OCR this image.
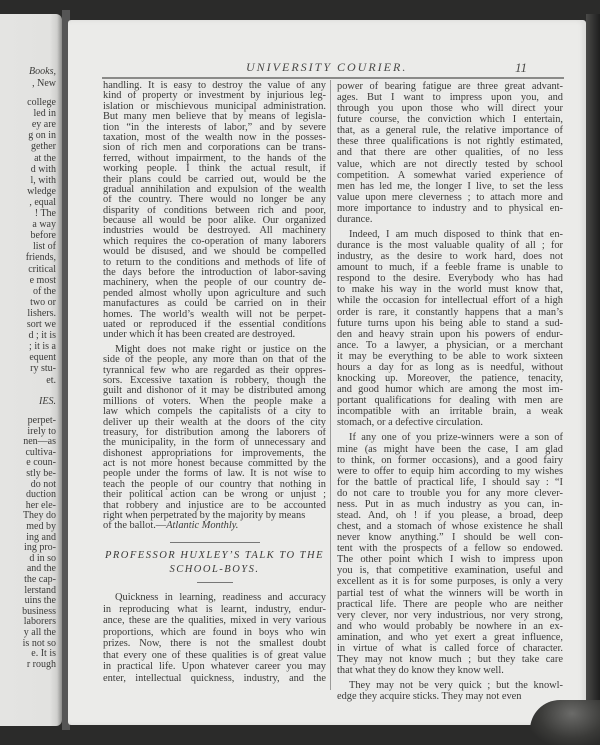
Books,
, New
college
led in
ey are
g on in
gether
at the
d with
l, with
wledge
, equal
! The
a way
before
list of
friends,
critical
e most
of the
two or
lishers.
sort we
d ; it is
; it is a
equent
ry stu-
et.
IES.
perpet-
irely to
nen—as
cultiva-
e coun-
stly be-
do not
duction
her ele-
They do
med by
ing and
ing pro-
d in so
and the
the cap-
lerstand
uins the
business
laborers
y all the
is not so
e. It is
r rough
UNIVERSITY COURIER.	11
handling. It is easy to destroy the value of any
kind of property or investment by injurious leg-
islation or mischievous municipal administration.
But many men believe that by means of legisla-
tion “in the interests of labor,” and by severe
taxation, most of the wealth now in the posses-
sion of rich men and corporations can be trans-
ferred, without impairment, to the hands of the
working people. I think the actual result, if
their plans could be carried out, would be the
gradual annihilation and expulsion of the wealth
of the country. There would no longer be any
disparity of conditions between rich and poor,
because all would be poor alike. Our organized
industries would be destroyed. All machinery
which requires the co-operation of many laborers
would be disused, and we should be compelled
to return to the conditions and methods of life of
the days before the introduction of labor-saving
machinery, when the people of our country de-
pended almost wholly upon agriculture and such
manufactures as could be carried on in their
homes. The world’s wealth will not be perpet-
uated or reproduced if the essential conditions
under which it has been created are destroyed.
Might does not make right or justice on the
side of the people, any more than on that of the
tyrannical few who are regarded as their oppres-
sors. Excessive taxation is robbery, though the
guilt and dishonor of it may be distributed among
millions of voters. When the people make a
law which compels the capitalists of a city to
deliver up their wealth at the doors of the city
treasury, for distribution among the laborers of
the municipality, in the form of unnecessary and
dishonest appropriations for improvements, the
act is not more honest because committed by the
people under the forms of law. It is not wise to
teach the people of our country that nothing in
their political action can be wrong or unjust ;
that robbery and injustice are to be accounted
right when perpetrated by the majority by means
of the ballot.—Atlantic Monthly.
PROFESSOR HUXLEY’S TALK TO THE
SCHOOL-BOYS.
Quickness in learning, readiness and accuracy
in reproducing what is learnt, industry, endur-
ance, these are the qualities, mixed in very various
proportions, which are found in boys who win
prizes. Now, there is not the smallest doubt
that every one of these qualities is of great value
in practical life. Upon whatever career you may
enter, intellectual quickness, industry, and the
power of bearing fatigue are three great advant-
ages. But I want to impress upon you, and
through you upon those who will direct your
future course, the conviction which I entertain,
that, as a general rule, the relative importance of
these three qualifications is not rightly estimated,
and that there are other qualities, of no less
value, which are not directly tested by school
competition. A somewhat varied experience of
men has led me, the longer I live, to set the less
value upon mere cleverness ; to attach more and
more importance to industry and to physical en-
durance.
Indeed, I am much disposed to think that en-
durance is the most valuable quality of all ; for
industry, as the desire to work hard, does not
amount to much, if a feeble frame is unable to
respond to the desire. Everybody who has had
to make his way in the world must know that,
while the occasion for intellectual effort of a high
order is rare, it constantly happens that a man’s
future turns upon his being able to stand a sud-
den and heavy strain upon his powers of endur-
ance. To a lawyer, a physician, or a merchant
it may be everything to be able to work sixteen
hours a day for as long as is needful, without
knocking up. Moreover, the patience, tenacity,
and good humor which are among the most im-
portant qualifications for dealing with men are
incompatible with an irritable brain, a weak
stomach, or a defective circulation.
If any one of you prize-winners were a son of
mine (as might have been the case, I am glad
to think, on former occasions), and a good fairy
were to offer to equip him according to my wishes
for the battle of practical life, I should say : “I
do not care to trouble you for any more clever-
ness. Put in as much industry as you can, in-
stead. And, oh ! if you please, a broad, deep
chest, and a stomach of whose existence he shall
never know anything.” I should be well con-
tent with the prospects of a fellow so endowed.
The other point which I wish to impress upon
you is, that competitive examination, useful and
excellent as it is for some purposes, is only a very
partial test of what the winners will be worth in
practical life. There are people who are neither
very clever, nor very industrious, nor very strong,
and who would probably be nowhere in an ex-
amination, and who yet exert a great influence,
in virtue of what is called force of character.
They may not know much ; but they take care
that what they do know they know well.
They may not be very quick ; but the knowl-
edge they acquire sticks. They may not even
